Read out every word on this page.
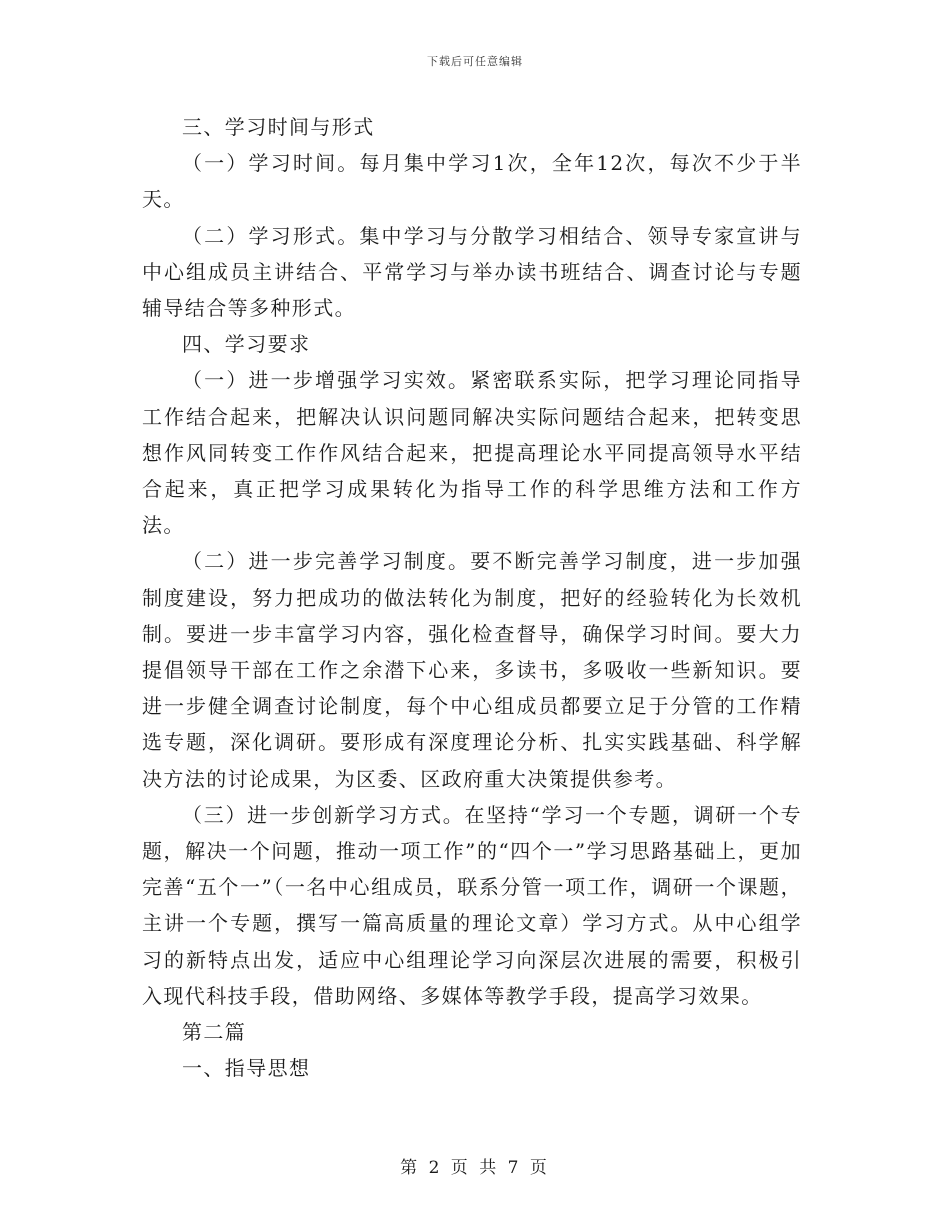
下载后可任意编辑

三、学习时间与形式

（一）学习时间。每月集中学习1次，全年12次，每次不少于半天。

（二）学习形式。集中学习与分散学习相结合、领导专家宣讲与中心组成员主讲结合、平常学习与举办读书班结合、调查讨论与专题辅导结合等多种形式。

四、学习要求

（一）进一步增强学习实效。紧密联系实际，把学习理论同指导工作结合起来，把解决认识问题同解决实际问题结合起来，把转变思想作风同转变工作作风结合起来，把提高理论水平同提高领导水平结合起来，真正把学习成果转化为指导工作的科学思维方法和工作方法。

（二）进一步完善学习制度。要不断完善学习制度，进一步加强制度建设，努力把成功的做法转化为制度，把好的经验转化为长效机制。要进一步丰富学习内容，强化检查督导，确保学习时间。要大力提倡领导干部在工作之余潜下心来，多读书，多吸收一些新知识。要进一步健全调查讨论制度，每个中心组成员都要立足于分管的工作精选专题，深化调研。要形成有深度理论分析、扎实实践基础、科学解决方法的讨论成果，为区委、区政府重大决策提供参考。

（三）进一步创新学习方式。在坚持“学习一个专题，调研一个专题，解决一个问题，推动一项工作”的“四个一”学习思路基础上，更加完善“五个一”（一名中心组成员，联系分管一项工作，调研一个课题，主讲一个专题，撰写一篇高质量的理论文章）学习方式。从中心组学习的新特点出发，适应中心组理论学习向深层次进展的需要，积极引入现代科技手段，借助网络、多媒体等教学手段，提高学习效果。

第二篇

一、指导思想

第 2 页 共 7 页
